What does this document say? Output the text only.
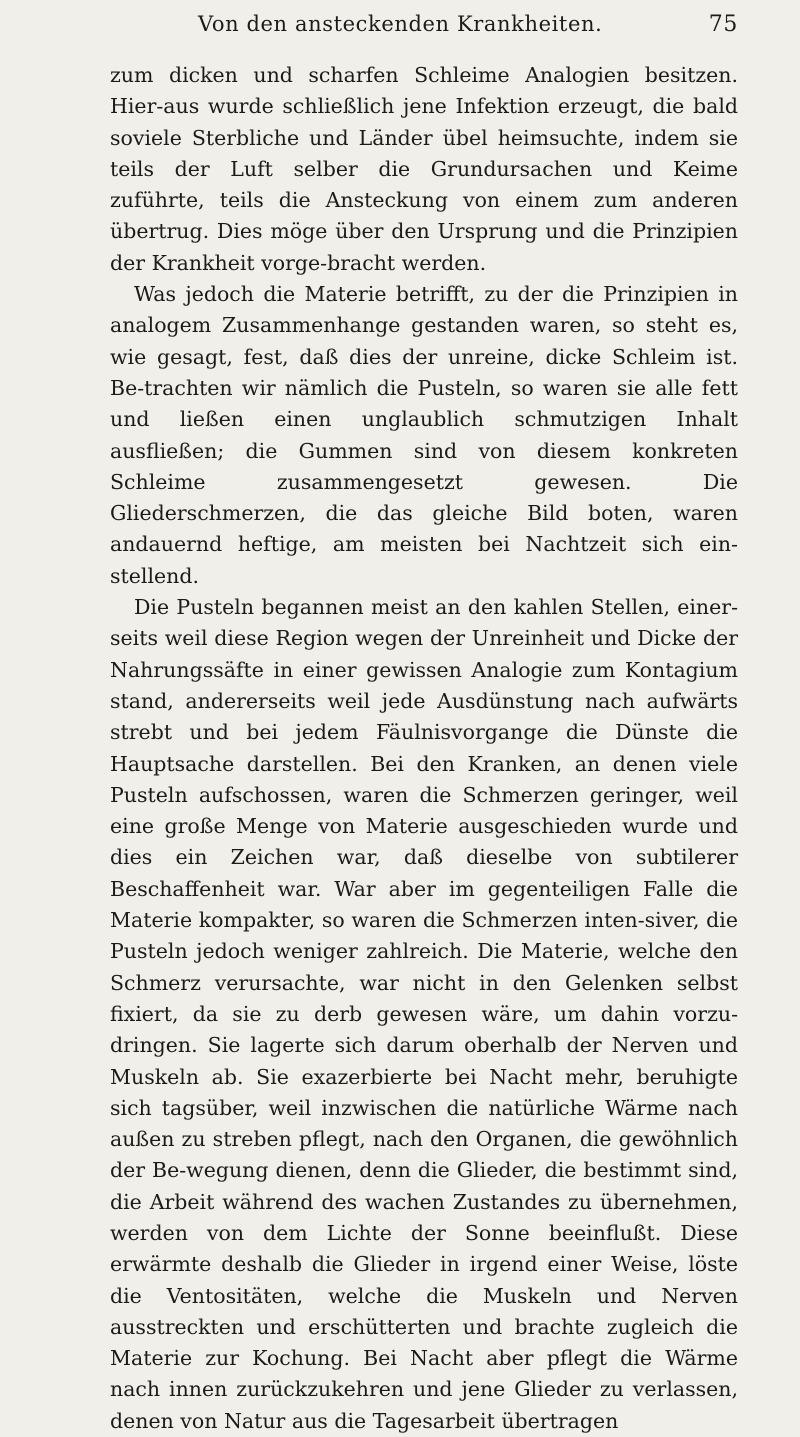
Von den ansteckenden Krankheiten.	75

zum dicken und scharfen Schleime Analogien besitzen. Hier-aus wurde schließlich jene Infektion erzeugt, die bald soviele Sterbliche und Länder übel heimsuchte, indem sie teils der Luft selber die Grundursachen und Keime zuführte, teils die Ansteckung von einem zum anderen übertrug. Dies möge über den Ursprung und die Prinzipien der Krankheit vorge-bracht werden.

Was jedoch die Materie betrifft, zu der die Prinzipien in analogem Zusammenhange gestanden waren, so steht es, wie gesagt, fest, daß dies der unreine, dicke Schleim ist. Be-trachten wir nämlich die Pusteln, so waren sie alle fett und ließen einen unglaublich schmutzigen Inhalt ausfließen; die Gummen sind von diesem konkreten Schleime zusammengesetzt gewesen. Die Gliederschmerzen, die das gleiche Bild boten, waren andauernd heftige, am meisten bei Nachtzeit sich ein-stellend.

Die Pusteln begannen meist an den kahlen Stellen, einer-seits weil diese Region wegen der Unreinheit und Dicke der Nahrungssäfte in einer gewissen Analogie zum Kontagium stand, andererseits weil jede Ausdünstung nach aufwärts strebt und bei jedem Fäulnisvorgange die Dünste die Hauptsache darstellen. Bei den Kranken, an denen viele Pusteln aufschossen, waren die Schmerzen geringer, weil eine große Menge von Materie ausgeschieden wurde und dies ein Zeichen war, daß dieselbe von subtilerer Beschaffenheit war. War aber im gegenteiligen Falle die Materie kompakter, so waren die Schmerzen inten-siver, die Pusteln jedoch weniger zahlreich. Die Materie, welche den Schmerz verursachte, war nicht in den Gelenken selbst fixiert, da sie zu derb gewesen wäre, um dahin vorzu-dringen. Sie lagerte sich darum oberhalb der Nerven und Muskeln ab. Sie exazerbierte bei Nacht mehr, beruhigte sich tagsüber, weil inzwischen die natürliche Wärme nach außen zu streben pflegt, nach den Organen, die gewöhnlich der Be-wegung dienen, denn die Glieder, die bestimmt sind, die Arbeit während des wachen Zustandes zu übernehmen, werden von dem Lichte der Sonne beeinflußt. Diese erwärmte deshalb die Glieder in irgend einer Weise, löste die Ventositäten, welche die Muskeln und Nerven ausstreckten und erschütterten und brachte zugleich die Materie zur Kochung. Bei Nacht aber pflegt die Wärme nach innen zurückzukehren und jene Glieder zu verlassen, denen von Natur aus die Tagesarbeit übertragen
